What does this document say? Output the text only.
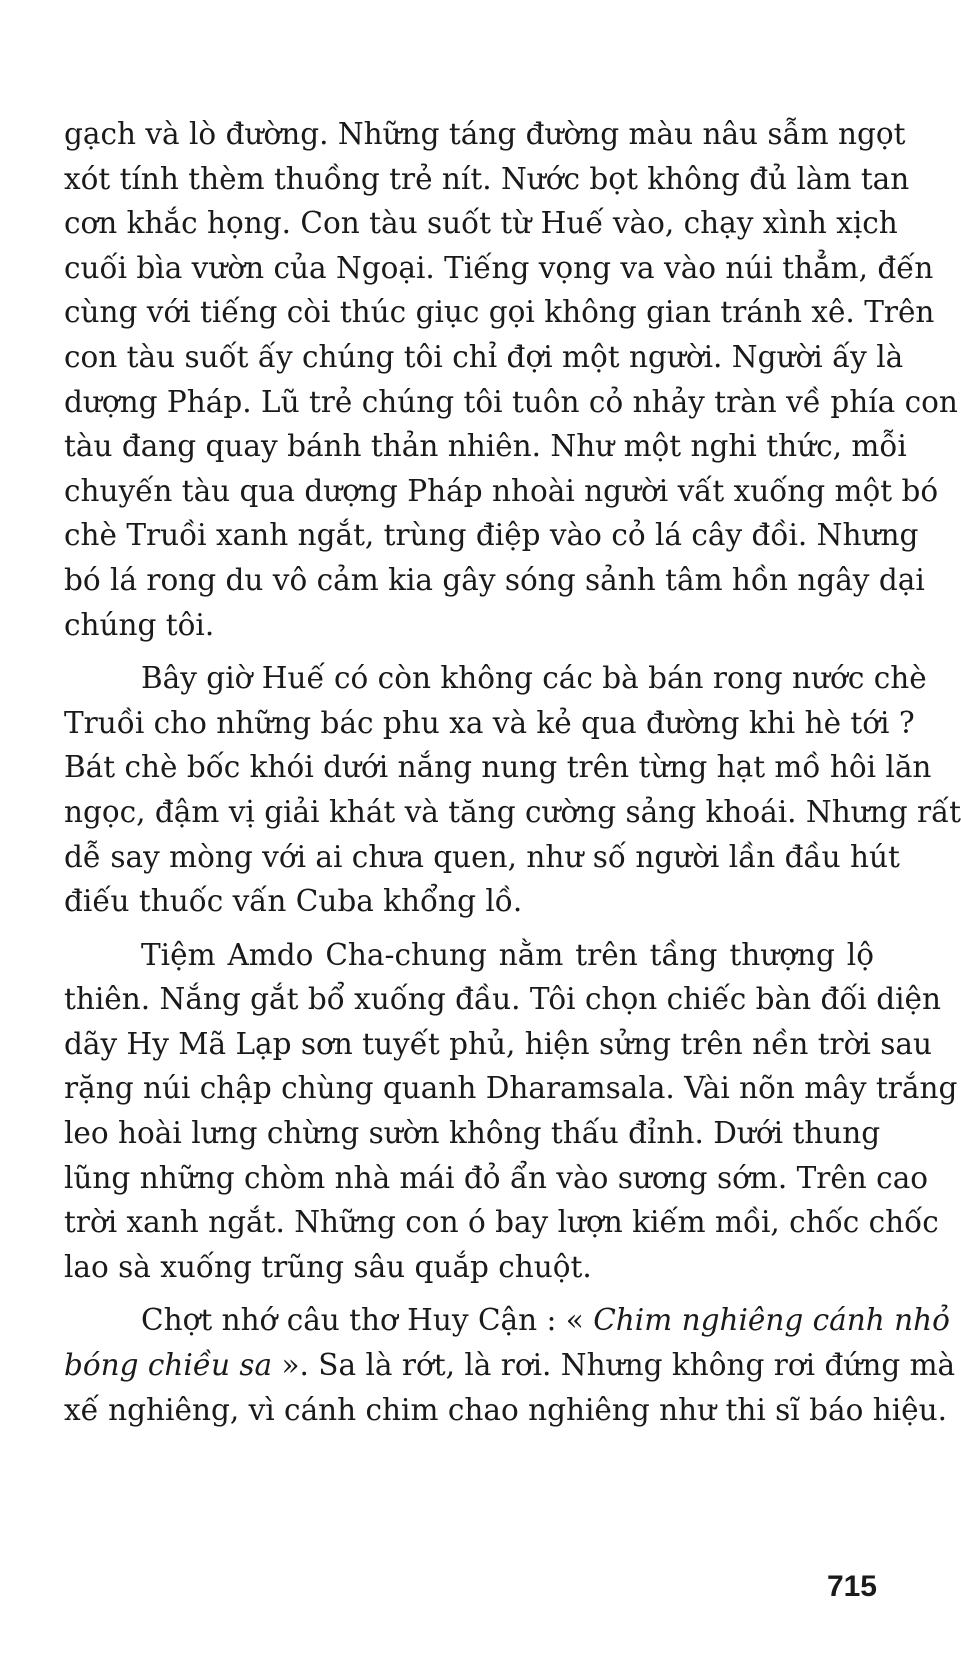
gạch và lò đường. Những táng đường màu nâu sẫm ngọt
xót tính thèm thuồng trẻ nít. Nước bọt không đủ làm tan
cơn khắc họng. Con tàu suốt từ Huế vào, chạy xình xịch
cuối bìa vườn của Ngoại. Tiếng vọng va vào núi thẳm, đến
cùng với tiếng còi thúc giục gọi không gian tránh xê. Trên
con tàu suốt ấy chúng tôi chỉ đợi một người. Người ấy là
dượng Pháp. Lũ trẻ chúng tôi tuôn cỏ nhảy tràn về phía con
tàu đang quay bánh thản nhiên. Như một nghi thức, mỗi
chuyến tàu qua dượng Pháp nhoài người vất xuống một bó
chè Truồi xanh ngắt, trùng điệp vào cỏ lá cây đồi. Nhưng
bó lá rong du vô cảm kia gây sóng sảnh tâm hồn ngây dại
chúng tôi.
Bây giờ Huế có còn không các bà bán rong nước chè
Truồi cho những bác phu xa và kẻ qua đường khi hè tới ?
Bát chè bốc khói dưới nắng nung trên từng hạt mồ hôi lăn
ngọc, đậm vị giải khát và tăng cường sảng khoái. Nhưng rất
dễ say mòng với ai chưa quen, như số người lần đầu hút
điếu thuốc vấn Cuba khổng lồ.
Tiệm Amdo Cha-chung nằm trên tầng thượng lộ
thiên. Nắng gắt bổ xuống đầu. Tôi chọn chiếc bàn đối diện
dãy Hy Mã Lạp sơn tuyết phủ, hiện sửng trên nền trời sau
rặng núi chập chùng quanh Dharamsala. Vài nõn mây trắng
leo hoài lưng chừng sườn không thấu đỉnh. Dưới thung
lũng những chòm nhà mái đỏ ẩn vào sương sớm. Trên cao
trời xanh ngắt. Những con ó bay lượn kiếm mồi, chốc chốc
lao sà xuống trũng sâu quắp chuột.
Chợt nhớ câu thơ Huy Cận : « Chim nghiêng cánh nhỏ
bóng chiều sa ». Sa là rớt, là rơi. Nhưng không rơi đứng mà
xế nghiêng, vì cánh chim chao nghiêng như thi sĩ báo hiệu.
715
